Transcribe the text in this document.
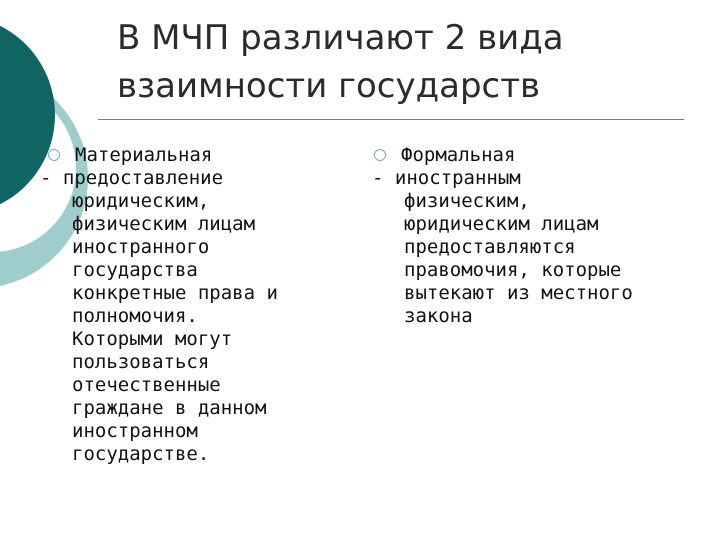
В МЧП различают 2 вида
взаимности государств
Материальная
- предоставление
юридическим,
физическим лицам
иностранного
государства
конкретные права и
полномочия.
Которыми могут
пользоваться
отечественные
граждане в данном
иностранном
государстве.
Формальная
- иностранным
физическим,
юридическим лицам
предоставляются
правомочия, которые
вытекают из местного
закона
